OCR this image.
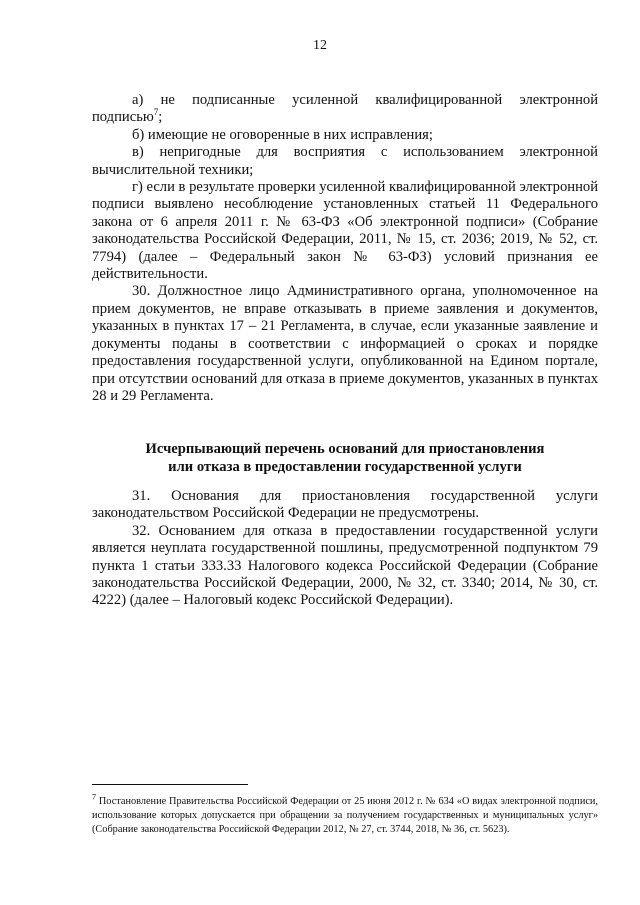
12

а) не подписанные усиленной квалифицированной электронной подписью$^7$;

б) имеющие не оговоренные в них исправления;

в) непригодные для восприятия с использованием электронной вычислительной техники;

г) если в результате проверки усиленной квалифицированной электронной подписи выявлено несоблюдение установленных статьей 11 Федерального закона от 6 апреля 2011 г. № 63-ФЗ «Об электронной подписи» (Собрание законодательства Российской Федерации, 2011, № 15, ст. 2036; 2019, № 52, ст. 7794) (далее – Федеральный закон № 63-ФЗ) условий признания ее действительности.

30. Должностное лицо Административного органа, уполномоченное на прием документов, не вправе отказывать в приеме заявления и документов, указанных в пунктах 17 – 21 Регламента, в случае, если указанные заявление и документы поданы в соответствии с информацией о сроках и порядке предоставления государственной услуги, опубликованной на Едином портале, при отсутствии оснований для отказа в приеме документов, указанных в пунктах 28 и 29 Регламента.

Исчерпывающий перечень оснований для приостановления
или отказа в предоставлении государственной услуги

31. Основания для приостановления государственной услуги законодательством Российской Федерации не предусмотрены.

32. Основанием для отказа в предоставлении государственной услуги является неуплата государственной пошлины, предусмотренной подпунктом 79 пункта 1 статьи 333.33 Налогового кодекса Российской Федерации (Собрание законодательства Российской Федерации, 2000, № 32, ст. 3340; 2014, № 30, ст. 4222) (далее – Налоговый кодекс Российской Федерации).

$^7$ Постановление Правительства Российской Федерации от 25 июня 2012 г. № 634 «О видах электронной подписи, использование которых допускается при обращении за получением государственных и муниципальных услуг» (Собрание законодательства Российской Федерации 2012, № 27, ст. 3744, 2018, № 36, ст. 5623).
